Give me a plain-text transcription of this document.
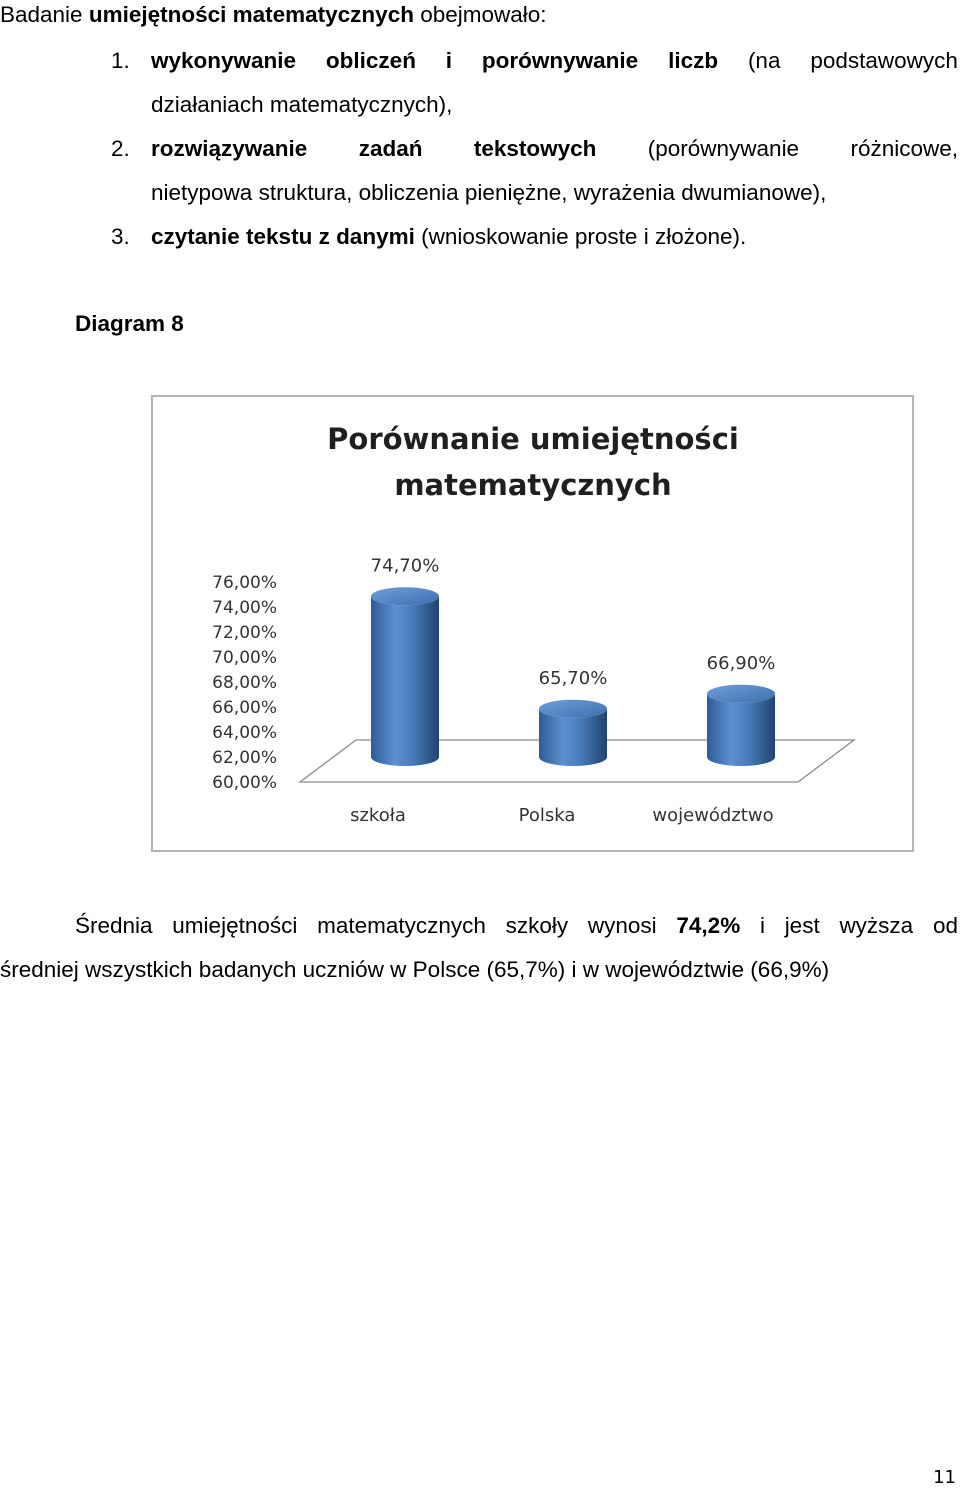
Badanie umiejętności matematycznych obejmowało:
1. wykonywanie obliczeń i porównywanie liczb (na podstawowych
działaniach matematycznych),
2. rozwiązywanie zadań tekstowych (porównywanie różnicowe,
nietypowa struktura, obliczenia pieniężne, wyrażenia dwumianowe),
3. czytanie tekstu z danymi (wnioskowanie proste i złożone).
Diagram 8
Porównanie umiejętności
matematycznych
76,00%
74,00%
72,00%
70,00%
68,00%
66,00%
64,00%
62,00%
60,00%
74,70%
65,70%
66,90%
szkoła	Polska	województwo
Średnia umiejętności matematycznych szkoły wynosi 74,2% i jest wyższa od
średniej wszystkich badanych uczniów w Polsce (65,7%) i w województwie (66,9%)
11
